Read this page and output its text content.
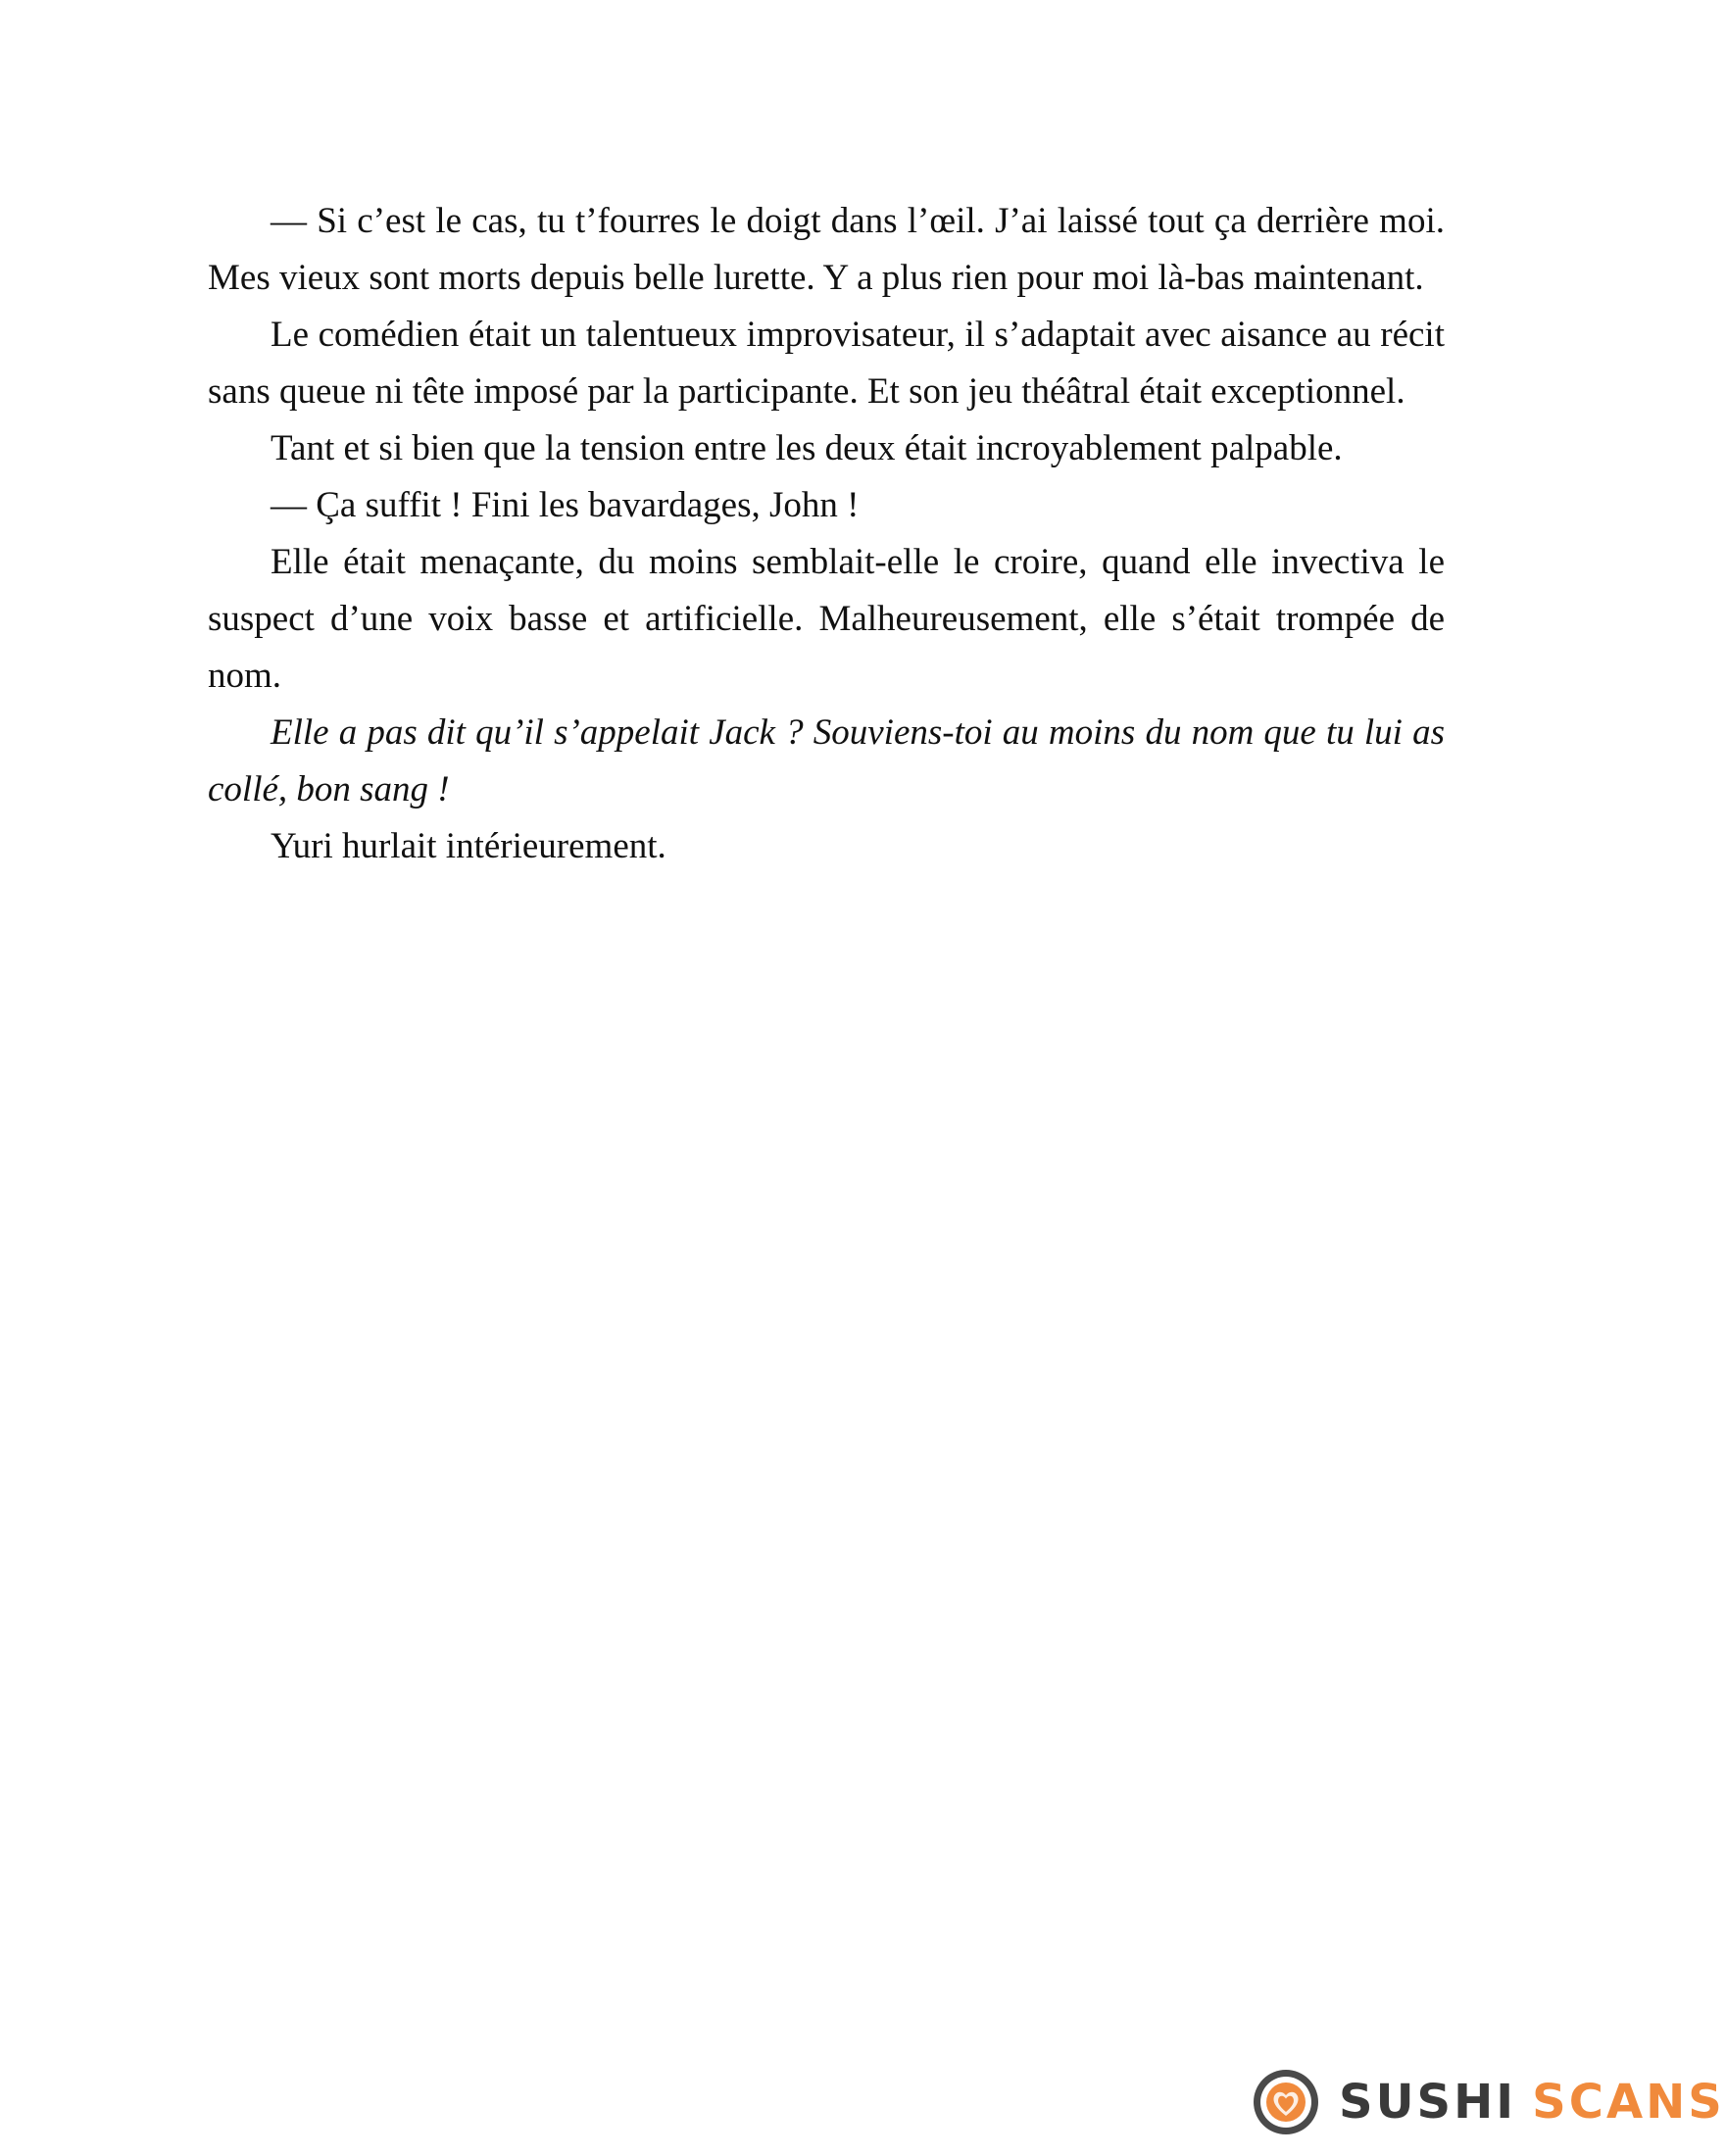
— Si c’est le cas, tu t’fourres le doigt dans l’œil. J’ai laissé tout ça derrière moi. Mes vieux sont morts depuis belle lurette. Y a plus rien pour moi là-bas maintenant.

Le comédien était un talentueux improvisateur, il s’adaptait avec aisance au récit sans queue ni tête imposé par la participante. Et son jeu théâtral était exceptionnel.

Tant et si bien que la tension entre les deux était incroyablement palpable.

— Ça suffit ! Fini les bavardages, John !

Elle était menaçante, du moins semblait-elle le croire, quand elle invectiva le suspect d’une voix basse et artificielle. Malheureusement, elle s’était trompée de nom.

Elle a pas dit qu’il s’appelait Jack ? Souviens-toi au moins du nom que tu lui as collé, bon sang !

Yuri hurlait intérieurement.

SUSHI SCANS
